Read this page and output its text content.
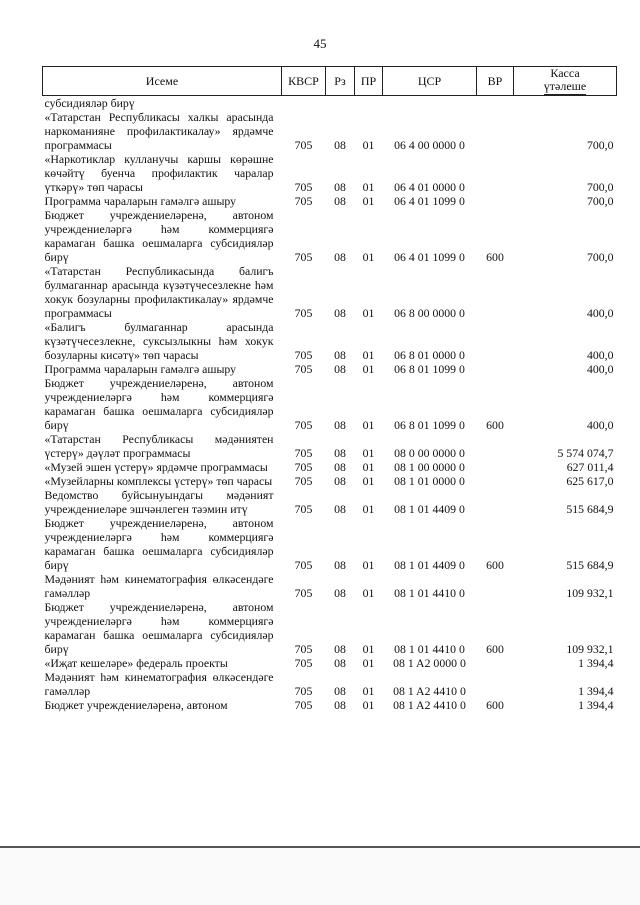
45
Исеме	КВСР	Рз	ПР	ЦСР	ВР	Касса
үтәлеше
субсидияләр бирү						
«Татарстан Республикасы халкы арасында наркоманияне профилактикалау» ярдәмче программасы	705	08	01	06 4 00 0000 0		700,0
«Наркотиклар кулланучы каршы көрәшне көчәйтү буенча профилактик чаралар үткәрү» төп чарасы	705	08	01	06 4 01 0000 0		700,0
Программа чараларын гамәлгә ашыру	705	08	01	06 4 01 1099 0		700,0
Бюджет учреждениеләренә, автоном учреждениеләргә һәм коммерциягә карамаган башка оешмаларга субсидияләр бирү	705	08	01	06 4 01 1099 0	600	700,0
«Татарстан Республикасында балигъ булмаганнар арасында күзәтүчесезлекне һәм хокук бозуларны профилактикалау» ярдәмче программасы	705	08	01	06 8 00 0000 0		400,0
«Балигъ булмаганнар арасында күзәтүчесезлекне, суксызлыкны һәм хокук бозуларны кисәтү» төп чарасы	705	08	01	06 8 01 0000 0		400,0
Программа чараларын гамәлгә ашыру	705	08	01	06 8 01 1099 0		400,0
Бюджет учреждениеләренә, автоном учреждениеләргә һәм коммерциягә карамаган башка оешмаларга субсидияләр бирү	705	08	01	06 8 01 1099 0	600	400,0
«Татарстан Республикасы мәдәниятен үстерү» дәүләт программасы	705	08	01	08 0 00 0000 0		5 574 074,7
«Музей эшен үстерү» ярдәмче программасы	705	08	01	08 1 00 0000 0		627 011,4
«Музейларны комплексы үстерү» төп чарасы	705	08	01	08 1 01 0000 0		625 617,0
Ведомство буйсынуындагы мәдәният учреждениеләре эшчәнлеген тәэмин итү	705	08	01	08 1 01 4409 0		515 684,9
Бюджет учреждениеләренә, автоном учреждениеләргә һәм коммерциягә карамаган башка оешмаларга субсидияләр бирү	705	08	01	08 1 01 4409 0	600	515 684,9
Мәдәният һәм кинематография өлкәсендәге гамәлләр	705	08	01	08 1 01 4410 0		109 932,1
Бюджет учреждениеләренә, автоном учреждениеләргә һәм коммерциягә карамаган башка оешмаларга субсидияләр бирү	705	08	01	08 1 01 4410 0	600	109 932,1
«Иҗат кешеләре» федераль проекты	705	08	01	08 1 A2 0000 0		1 394,4
Мәдәният һәм кинематография өлкәсендәге гамәлләр	705	08	01	08 1 A2 4410 0		1 394,4
Бюджет учреждениеләренә, автоном	705	08	01	08 1 A2 4410 0	600	1 394,4
